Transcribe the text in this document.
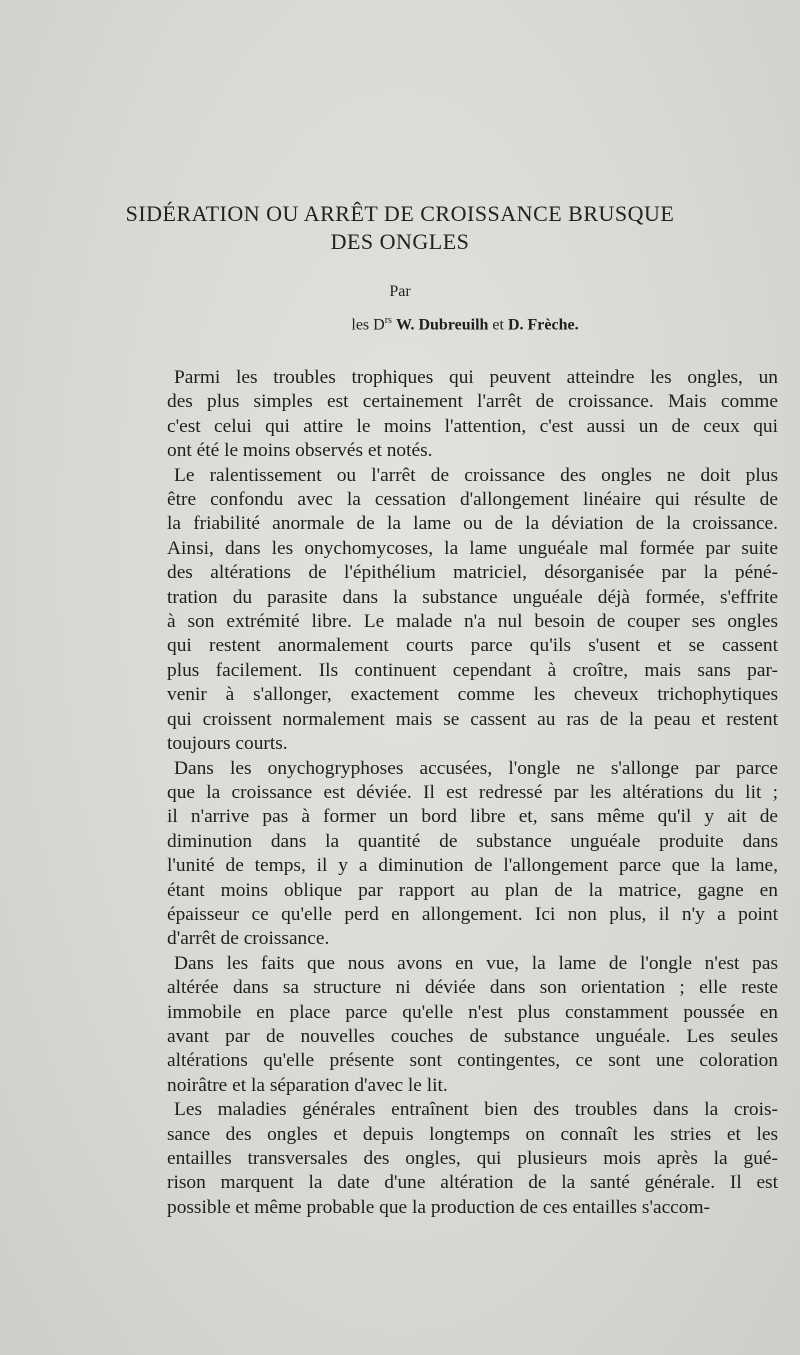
SIDÉRATION OU ARRÊT DE CROISSANCE BRUSQUE
DES ONGLES
Par
les $D^{rs}$ W. Dubreuilh et D. Frèche.

Parmi les troubles trophiques qui peuvent atteindre les ongles, un
des plus simples est certainement l'arrêt de croissance. Mais comme
c'est celui qui attire le moins l'attention, c'est aussi un de ceux qui
ont été le moins observés et notés.

Le ralentissement ou l'arrêt de croissance des ongles ne doit plus
être confondu avec la cessation d'allongement linéaire qui résulte de
la friabilité anormale de la lame ou de la déviation de la croissance.
Ainsi, dans les onychomycoses, la lame unguéale mal formée par suite
des altérations de l'épithélium matriciel, désorganisée par la péné-
tration du parasite dans la substance unguéale déjà formée, s'effrite
à son extrémité libre. Le malade n'a nul besoin de couper ses ongles
qui restent anormalement courts parce qu'ils s'usent et se cassent
plus facilement. Ils continuent cependant à croître, mais sans par-
venir à s'allonger, exactement comme les cheveux trichophytiques
qui croissent normalement mais se cassent au ras de la peau et restent
toujours courts.

Dans les onychogryphoses accusées, l'ongle ne s'allonge par parce
que la croissance est déviée. Il est redressé par les altérations du lit ;
il n'arrive pas à former un bord libre et, sans même qu'il y ait de
diminution dans la quantité de substance unguéale produite dans
l'unité de temps, il y a diminution de l'allongement parce que la lame,
étant moins oblique par rapport au plan de la matrice, gagne en
épaisseur ce qu'elle perd en allongement. Ici non plus, il n'y a point
d'arrêt de croissance.

Dans les faits que nous avons en vue, la lame de l'ongle n'est pas
altérée dans sa structure ni déviée dans son orientation ; elle reste
immobile en place parce qu'elle n'est plus constamment poussée en
avant par de nouvelles couches de substance unguéale. Les seules
altérations qu'elle présente sont contingentes, ce sont une coloration
noirâtre et la séparation d'avec le lit.

Les maladies générales entraînent bien des troubles dans la crois-
sance des ongles et depuis longtemps on connaît les stries et les
entailles transversales des ongles, qui plusieurs mois après la gué-
rison marquent la date d'une altération de la santé générale. Il est
possible et même probable que la production de ces entailles s'accom-
